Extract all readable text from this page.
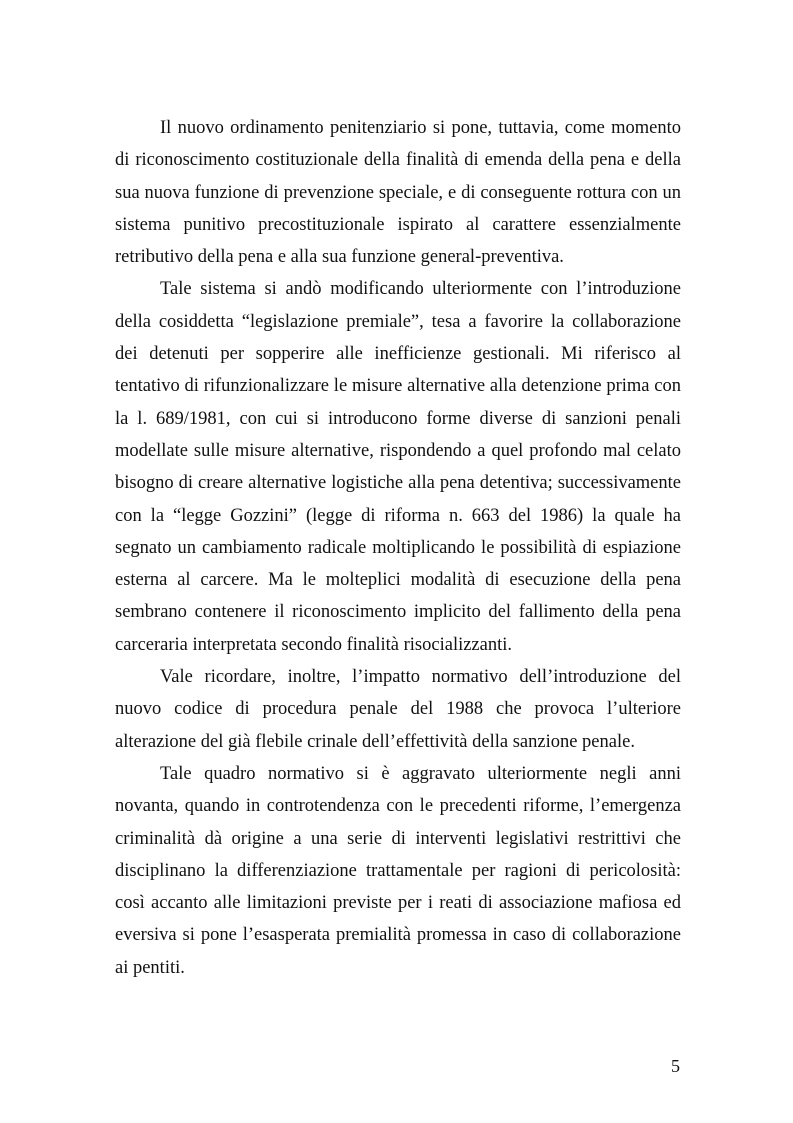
Il nuovo ordinamento penitenziario si pone, tuttavia, come momento di riconoscimento costituzionale della finalità di emenda della pena e della sua nuova funzione di prevenzione speciale, e di conseguente rottura con un sistema punitivo precostituzionale ispirato al carattere essenzialmente retributivo della pena e alla sua funzione general-preventiva.

Tale sistema si andò modificando ulteriormente con l’introduzione della cosiddetta “legislazione premiale”, tesa a favorire la collaborazione dei detenuti per sopperire alle inefficienze gestionali. Mi riferisco al tentativo di rifunzionalizzare le misure alternative alla detenzione prima con la l. 689/1981, con cui si introducono forme diverse di sanzioni penali modellate sulle misure alternative, rispondendo a quel profondo mal celato bisogno di creare alternative logistiche alla pena detentiva; successivamente con la “legge Gozzini” (legge di riforma n. 663 del 1986) la quale ha segnato un cambiamento radicale moltiplicando le possibilità di espiazione esterna al carcere. Ma le molteplici modalità di esecuzione della pena sembrano contenere il riconoscimento implicito del fallimento della pena carceraria interpretata secondo finalità risocializzanti.

Vale ricordare, inoltre, l’impatto normativo dell’introduzione del nuovo codice di procedura penale del 1988 che provoca l’ulteriore alterazione del già flebile crinale dell’effettività della sanzione penale.

Tale quadro normativo si è aggravato ulteriormente negli anni novanta, quando in controtendenza con le precedenti riforme, l’emergenza criminalità dà origine a una serie di interventi legislativi restrittivi che disciplinano la differenziazione trattamentale per ragioni di pericolosità: così accanto alle limitazioni previste per i reati di associazione mafiosa ed eversiva si pone l’esasperata premialità promessa in caso di collaborazione ai pentiti.

5
